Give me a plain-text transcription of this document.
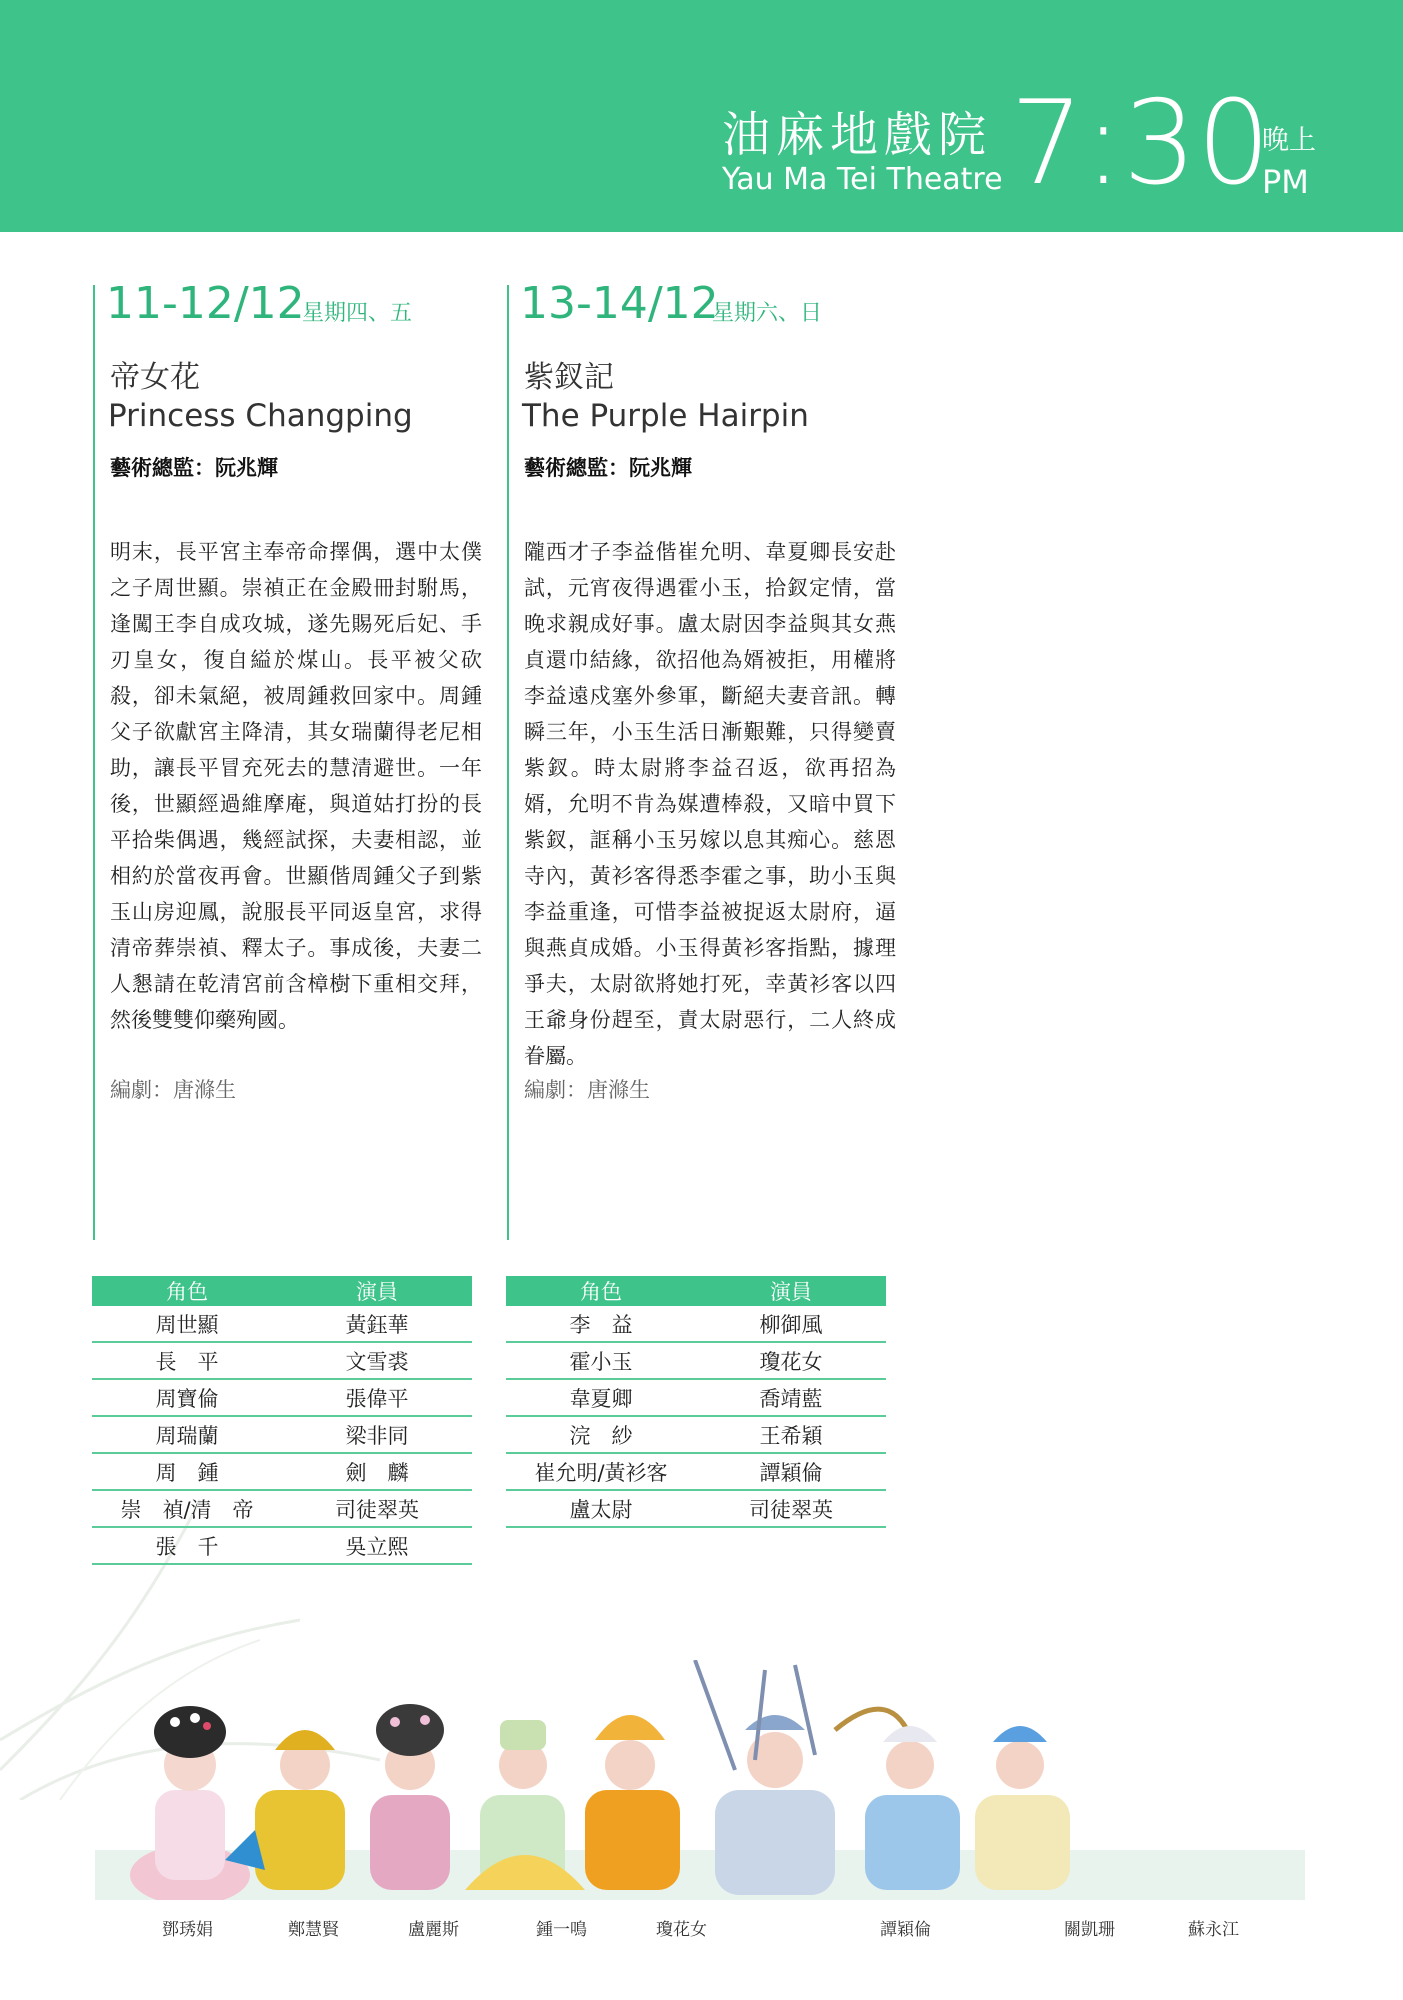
油麻地戲院
Yau Ma Tei Theatre 7:30
晚上
PM
11-12/12
星期四、五
帝女花
Princess Changping
藝術總監：阮兆輝
明末，長平宮主奉帝命擇偶，選中太僕之子周世顯。崇禎正在金殿冊封駙馬，逢闖王李自成攻城，遂先賜死后妃、手刃皇女，復自縊於煤山。長平被父砍殺，卻未氣絕，被周鍾救回家中。周鍾父子欲獻宮主降清，其女瑞蘭得老尼相助，讓長平冒充死去的慧清避世。一年後，世顯經過維摩庵，與道姑打扮的長平拾柴偶遇，幾經試探，夫妻相認，並相約於當夜再會。世顯偕周鍾父子到紫玉山房迎鳳，說服長平同返皇宮，求得清帝葬崇禎、釋太子。事成後，夫妻二人懇請在乾清宮前含樟樹下重相交拜，然後雙雙仰藥殉國。
編劇：唐滌生
角色	演員
周世顯	黃鈺華
長　平	文雪裘
周寶倫	張偉平
周瑞蘭	梁非同
周　鍾	劍　麟
崇　禎/清　帝	司徒翠英
張　千	吳立熙
13-14/12
星期六、日
紫釵記
The Purple Hairpin
藝術總監：阮兆輝
隴西才子李益偕崔允明、韋夏卿長安赴試，元宵夜得遇霍小玉，拾釵定情，當晚求親成好事。盧太尉因李益與其女燕貞還巾結緣，欲招他為婿被拒，用權將李益遠戍塞外參軍，斷絕夫妻音訊。轉瞬三年，小玉生活日漸艱難，只得變賣紫釵。時太尉將李益召返，欲再招為婿，允明不肯為媒遭棒殺，又暗中買下紫釵，誆稱小玉另嫁以息其痴心。慈恩寺內，黃衫客得悉李霍之事，助小玉與李益重逢，可惜李益被捉返太尉府，逼與燕貞成婚。小玉得黃衫客指點，據理爭夫，太尉欲將她打死，幸黃衫客以四王爺身份趕至，責太尉惡行，二人終成眷屬。
編劇：唐滌生
角色	演員
李　益	柳御風
霍小玉	瓊花女
韋夏卿	喬靖藍
浣　紗	王希穎
崔允明/黃衫客	譚穎倫
盧太尉	司徒翠英
鄧琇娟	鄭慧賢	盧麗斯	鍾一鳴	瓊花女	譚穎倫	關凱珊	蘇永江
